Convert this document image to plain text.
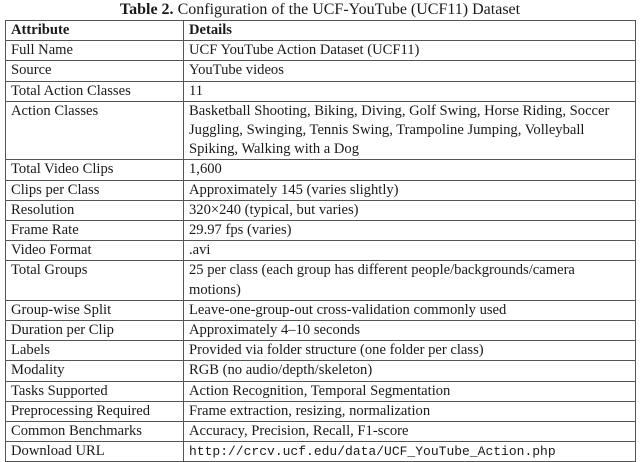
Table 2. Configuration of the UCF-YouTube (UCF11) Dataset
Attribute	Details
Full Name	UCF YouTube Action Dataset (UCF11)
Source	YouTube videos
Total Action Classes	11
Action Classes	Basketball Shooting, Biking, Diving, Golf Swing, Horse Riding, Soccer Juggling, Swinging, Tennis Swing, Trampoline Jumping, Volleyball Spiking, Walking with a Dog
Total Video Clips	1,600
Clips per Class	Approximately 145 (varies slightly)
Resolution	320×240 (typical, but varies)
Frame Rate	29.97 fps (varies)
Video Format	.avi
Total Groups	25 per class (each group has different people/backgrounds/camera motions)
Group-wise Split	Leave-one-group-out cross-validation commonly used
Duration per Clip	Approximately 4–10 seconds
Labels	Provided via folder structure (one folder per class)
Modality	RGB (no audio/depth/skeleton)
Tasks Supported	Action Recognition, Temporal Segmentation
Preprocessing Required	Frame extraction, resizing, normalization
Common Benchmarks	Accuracy, Precision, Recall, F1-score
Download URL	http://crcv.ucf.edu/data/UCF_YouTube_Action.php
